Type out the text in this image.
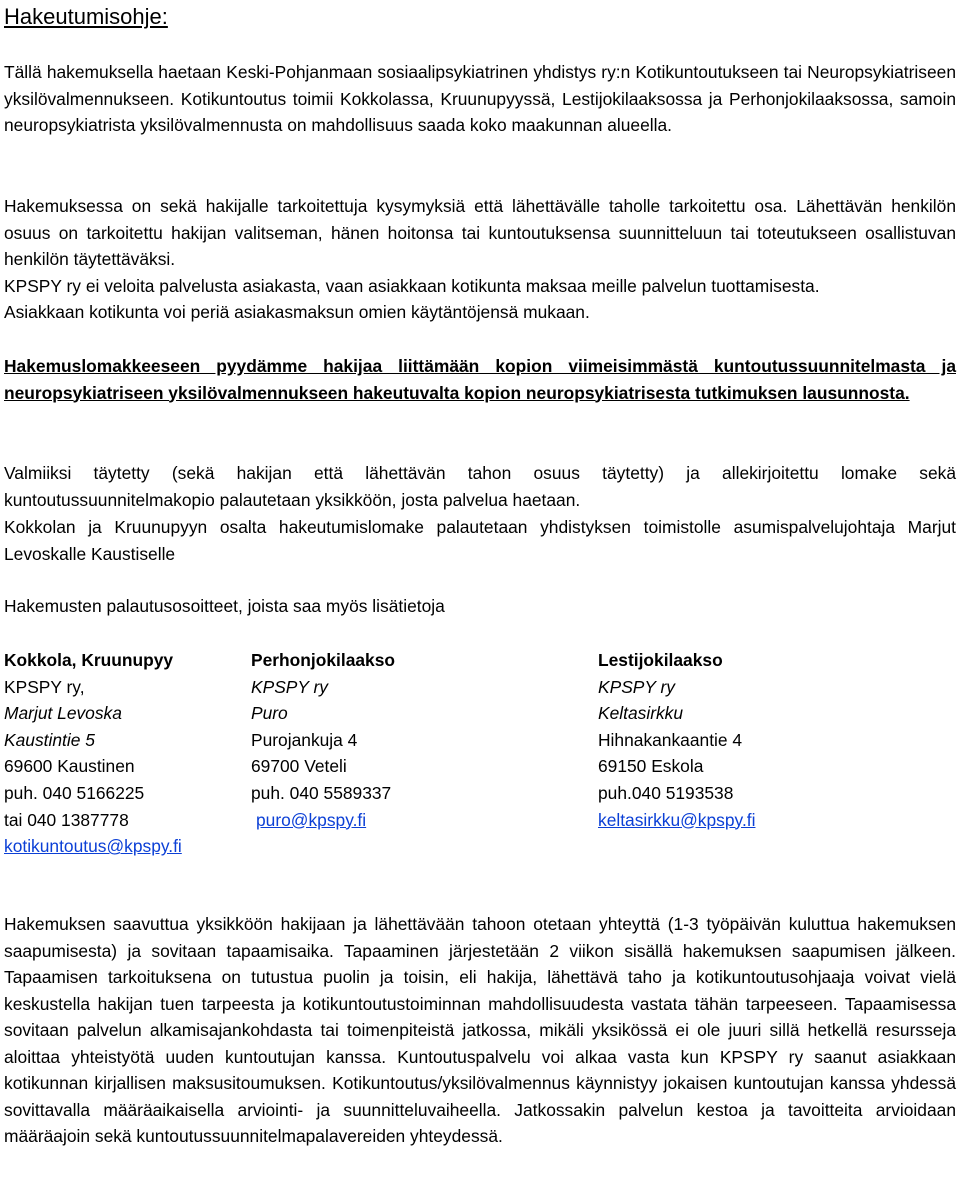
Hakeutumisohje:

Tällä hakemuksella haetaan Keski-Pohjanmaan sosiaalipsykiatrinen yhdistys ry:n Kotikuntoutukseen tai Neuropsykiatriseen yksilövalmennukseen. Kotikuntoutus toimii Kokkolassa, Kruunupyyssä, Lestijokilaaksossa ja Perhonjokilaaksossa, samoin neuropsykiatrista yksilövalmennusta on mahdollisuus saada koko maakunnan alueella.

Hakemuksessa on sekä hakijalle tarkoitettuja kysymyksiä että lähettävälle taholle tarkoitettu osa. Lähettävän henkilön osuus on tarkoitettu hakijan valitseman, hänen hoitonsa tai kuntoutuksensa suunnitteluun tai toteutukseen osallistuvan henkilön täytettäväksi.

KPSPY ry ei veloita palvelusta asiakasta, vaan asiakkaan kotikunta maksaa meille palvelun tuottamisesta.

Asiakkaan kotikunta voi periä asiakasmaksun omien käytäntöjensä mukaan.

Hakemuslomakkeeseen pyydämme hakijaa liittämään kopion viimeisimmästä kuntoutussuunnitelmasta ja neuropsykiatriseen yksilövalmennukseen hakeutuvalta kopion neuropsykiatrisesta tutkimuksen lausunnosta.

Valmiiksi täytetty (sekä hakijan että lähettävän tahon osuus täytetty) ja allekirjoitettu lomake sekä kuntoutussuunnitelmakopio palautetaan yksikköön, josta palvelua haetaan.

Kokkolan ja Kruunupyyn osalta hakeutumislomake palautetaan yhdistyksen toimistolle asumispalvelujohtaja Marjut Levoskalle Kaustiselle

Hakemusten palautusosoitteet, joista saa myös lisätietoja

Kokkola, Kruunupyy
KPSPY ry,
Marjut Levoska
Kaustintie 5
69600 Kaustinen
puh. 040 5166225
tai 040 1387778
kotikuntoutus@kpspy.fi
Perhonjokilaakso
KPSPY ry
Puro
Purojankuja 4
69700 Veteli
puh. 040 5589337
puro@kpspy.fi
Lestijokilaakso
KPSPY ry
Keltasirkku
Hihnakankaantie 4
69150 Eskola
puh.040 5193538
keltasirkku@kpspy.fi

Hakemuksen saavuttua yksikköön hakijaan ja lähettävään tahoon otetaan yhteyttä (1-3 työpäivän kuluttua hakemuksen saapumisesta) ja sovitaan tapaamisaika. Tapaaminen järjestetään 2 viikon sisällä hakemuksen saapumisen jälkeen. Tapaamisen tarkoituksena on tutustua puolin ja toisin, eli hakija, lähettävä taho ja kotikuntoutusohjaaja voivat vielä keskustella hakijan tuen tarpeesta ja kotikuntoutustoiminnan mahdollisuudesta vastata tähän tarpeeseen. Tapaamisessa sovitaan palvelun alkamisajankohdasta tai toimenpiteistä jatkossa, mikäli yksikössä ei ole juuri sillä hetkellä resursseja aloittaa yhteistyötä uuden kuntoutujan kanssa. Kuntoutuspalvelu voi alkaa vasta kun KPSPY ry saanut asiakkaan kotikunnan kirjallisen maksusitoumuksen. Kotikuntoutus/yksilövalmennus käynnistyy jokaisen kuntoutujan kanssa yhdessä sovittavalla määräaikaisella arviointi- ja suunnitteluvaiheella. Jatkossakin palvelun kestoa ja tavoitteita arvioidaan määräajoin sekä kuntoutussuunnitelmapalavereiden yhteydessä.
